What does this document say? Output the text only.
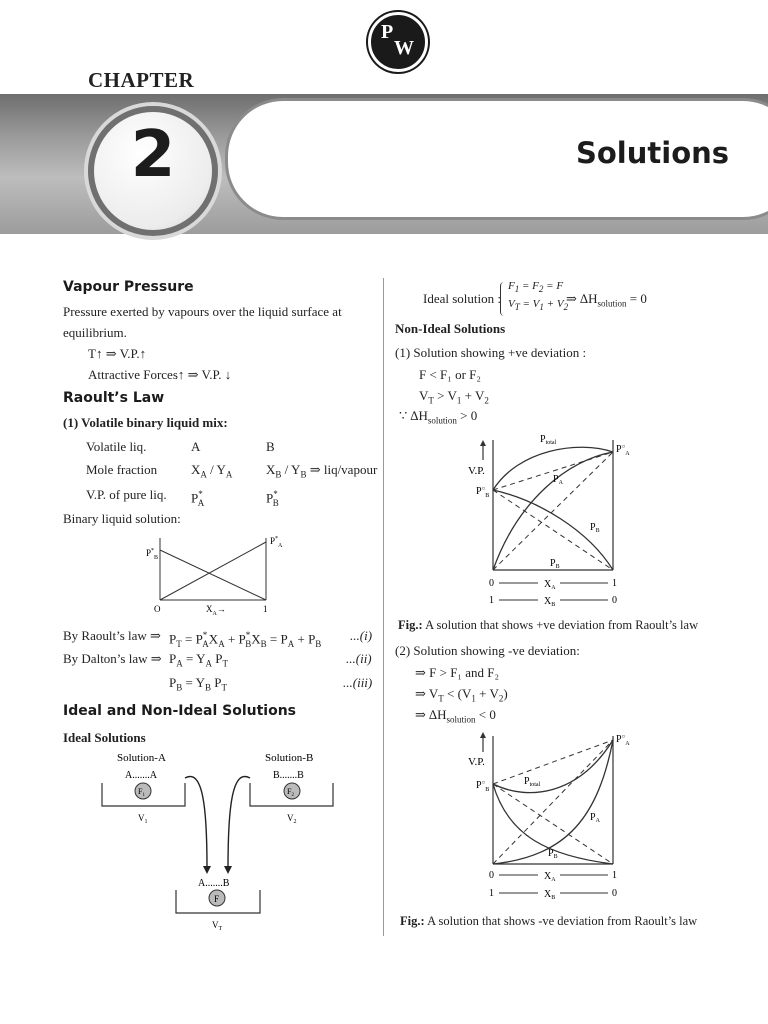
P
W
CHAPTER
2	Solutions
Vapour Pressure
Pressure exerted by vapours over the liquid surface at
equilibrium.
T↑ ⇒ V.P.↑
Attractive Forces↑ ⇒ V.P. ↓
Raoult’s Law
(1) Volatile binary liquid mix:
Volatile liq.	A	B
Mole fraction	$X_A / Y_A$	$X_B / Y_B$ ⇒ liq/vapour
V.P. of pure liq. $P^*_A$	$P^*_B$
Binary liquid solution:
$P^*_B$
$P^*_A$
O	$X_A\to$	1
By Raoult’s law ⇒ $P_T = P^*_AX_A + P^*_BX_B = P_A + P_B$
...(i)
By Dalton’s law ⇒ $P_A = Y_A$ $P_T$	...(ii)
$P_B = Y_B$ $P_T$	...(iii)
Ideal and Non-Ideal Solutions
Ideal Solutions
Solution-A	Solution-B
A.......A	B.......B
$F_1$
$V_1$
$F_2$
$V_2$
A.......B
F
$V_T$
Ideal solution :
$F_1 = F_2 = F$
$V_T = V_1 + V_2$
⇒ $\Delta H_{solution} = 0$
Non-Ideal Solutions
(1) Solution showing +ve deviation :
F < F₁ or F₂
$V_T > V_1 + V_2$
∵ $\Delta H_{solution} > 0$
V.P.
$P_{total}$
$P^○_A$
$P^○_B$
$P_A$
$P_B$
$P_B$
0	$X_A$	1
1	$X_B$	0
Fig.: A solution that shows +ve deviation from Raoult’s law
(2) Solution showing -ve deviation:
⇒ F > F₁ and F₂
⇒ $V_T < (V_1 + V_2)$
⇒ $\Delta H_{solution} < 0$
V.P.
$P_{total}$
$P^○_A$
$P^○_B$
$P_A$
$P_B$
0	$X_A$	1
1	$X_B$	0
Fig.: A solution that shows -ve deviation from Raoult’s law
